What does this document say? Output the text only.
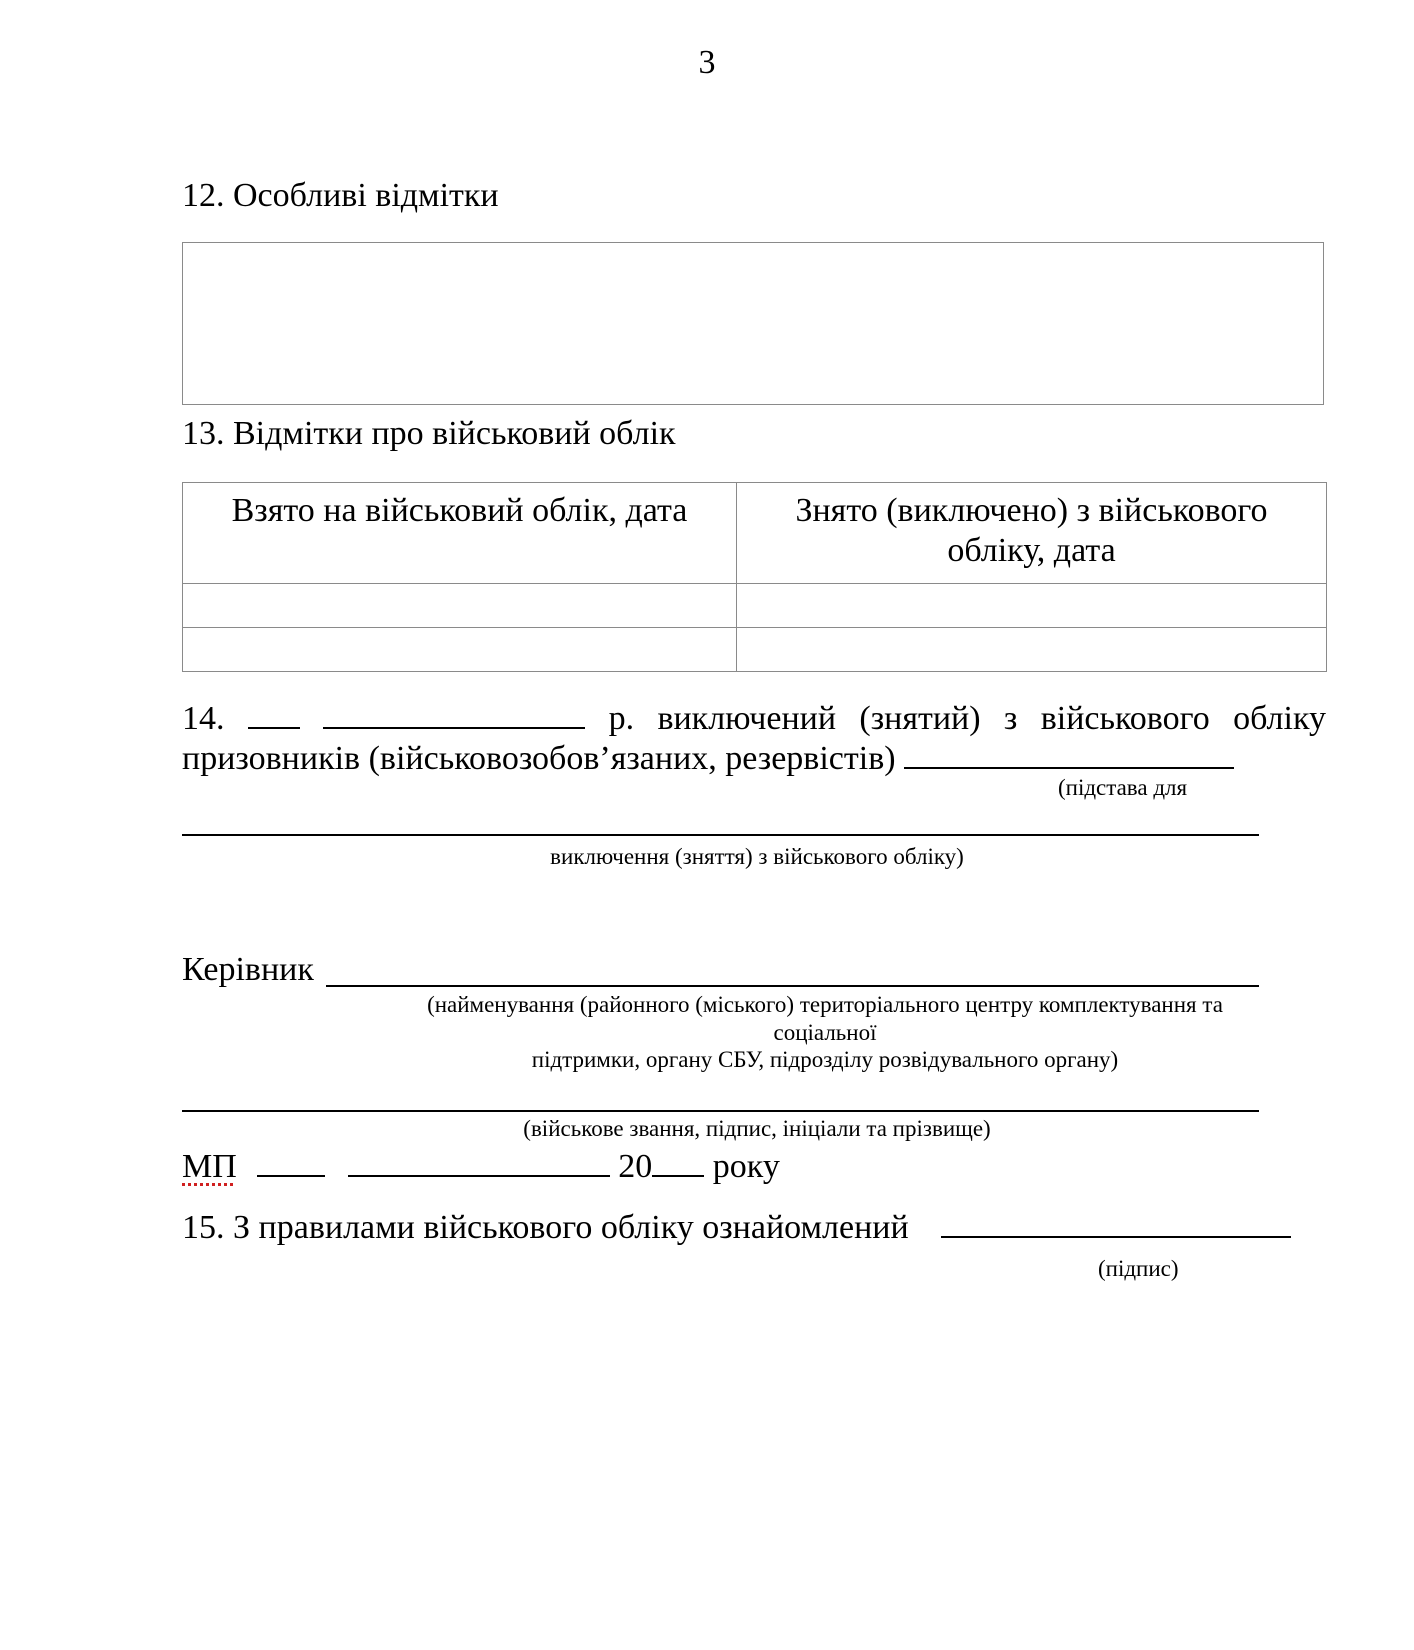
3
12. Особливі відмітки
13. Відмітки про військовий облік
Взято на військовий облік, дата	Знято (виключено) з військового обліку, дата

14.	р. виключений (знятий) з військового обліку
призовників (військовозобов’язаних, резервістів)
(підстава для
виключення (зняття) з військового обліку)
Керівник
(найменування (районного (міського) територіального центру комплектування та соціальної
підтримки, органу СБУ, підрозділу розвідувального органу)
(військове звання, підпис, ініціали та прізвище)
МП	20 року
15. З правилами військового обліку ознайомлений
(підпис)
